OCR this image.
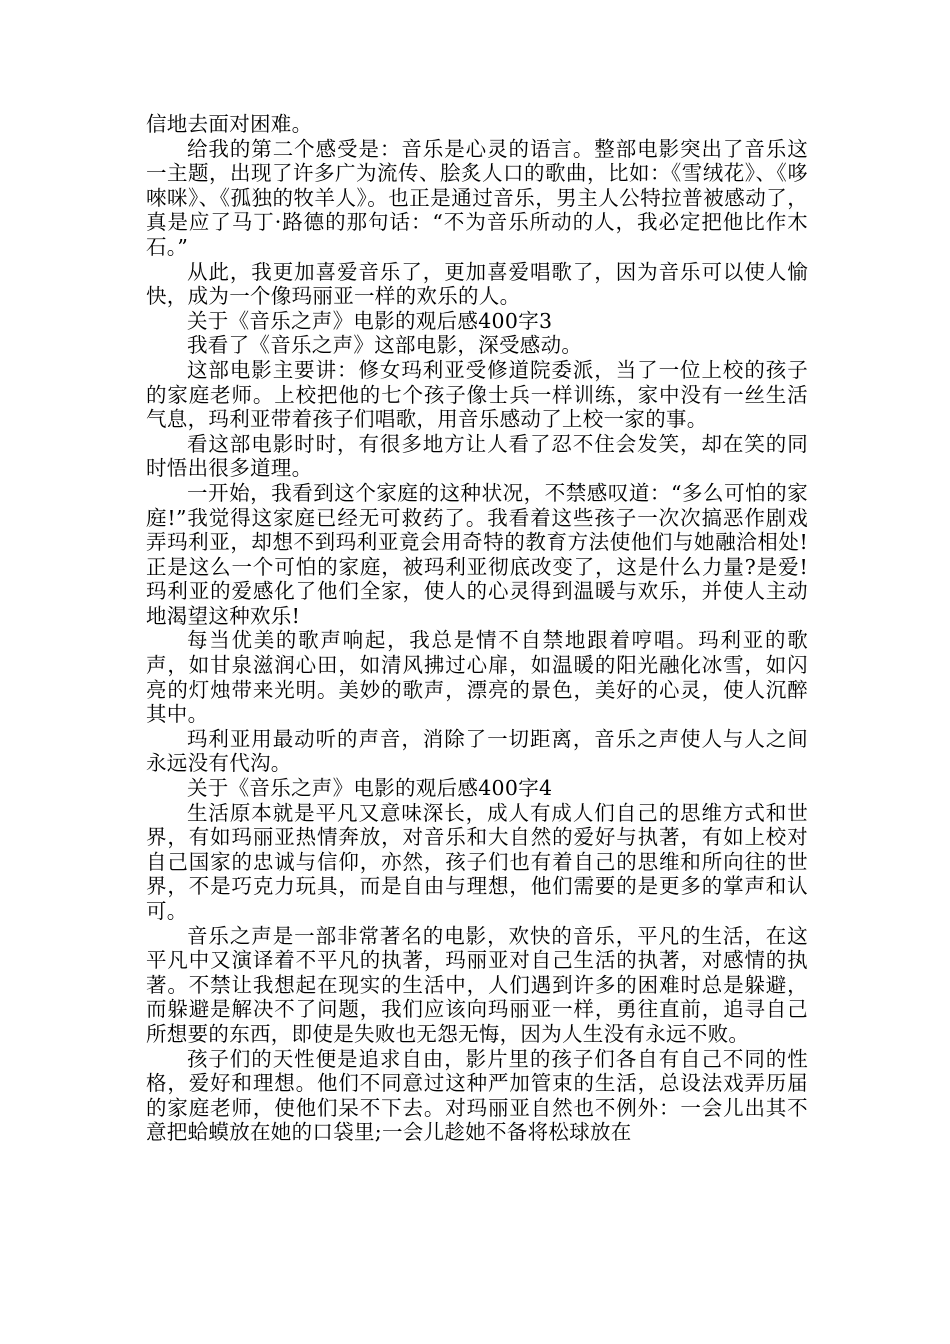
信地去面对困难。

给我的第二个感受是：音乐是心灵的语言。整部电影突出了音乐这一主题，出现了许多广为流传、脍炙人口的歌曲，比如：《雪绒花》、《哆唻咪》、《孤独的牧羊人》。也正是通过音乐，男主人公特拉普被感动了，真是应了马丁·路德的那句话：“不为音乐所动的人，我必定把他比作木石。”

从此，我更加喜爱音乐了，更加喜爱唱歌了，因为音乐可以使人愉快，成为一个像玛丽亚一样的欢乐的人。

关于《音乐之声》电影的观后感400字3

我看了《音乐之声》这部电影，深受感动。

这部电影主要讲：修女玛利亚受修道院委派，当了一位上校的孩子的家庭老师。上校把他的七个孩子像士兵一样训练，家中没有一丝生活气息，玛利亚带着孩子们唱歌，用音乐感动了上校一家的事。

看这部电影时时，有很多地方让人看了忍不住会发笑，却在笑的同时悟出很多道理。

一开始，我看到这个家庭的这种状况，不禁感叹道：“多么可怕的家庭!”我觉得这家庭已经无可救药了。我看着这些孩子一次次搞恶作剧戏弄玛利亚，却想不到玛利亚竟会用奇特的教育方法使他们与她融洽相处!正是这么一个可怕的家庭，被玛利亚彻底改变了，这是什么力量?是爱!玛利亚的爱感化了他们全家，使人的心灵得到温暖与欢乐，并使人主动地渴望这种欢乐!

每当优美的歌声响起，我总是情不自禁地跟着哼唱。玛利亚的歌声，如甘泉滋润心田，如清风拂过心扉，如温暖的阳光融化冰雪，如闪亮的灯烛带来光明。美妙的歌声，漂亮的景色，美好的心灵，使人沉醉其中。

玛利亚用最动听的声音，消除了一切距离，音乐之声使人与人之间永远没有代沟。

关于《音乐之声》电影的观后感400字4

生活原本就是平凡又意味深长，成人有成人们自己的思维方式和世界，有如玛丽亚热情奔放，对音乐和大自然的爱好与执著，有如上校对自己国家的忠诚与信仰，亦然，孩子们也有着自己的思维和所向往的世界，不是巧克力玩具，而是自由与理想，他们需要的是更多的掌声和认可。

音乐之声是一部非常著名的电影，欢快的音乐，平凡的生活，在这平凡中又演译着不平凡的执著，玛丽亚对自己生活的执著，对感情的执著。不禁让我想起在现实的生活中，人们遇到许多的困难时总是躲避，而躲避是解决不了问题，我们应该向玛丽亚一样，勇往直前，追寻自己所想要的东西，即使是失败也无怨无悔，因为人生没有永远不败。

孩子们的天性便是追求自由，影片里的孩子们各自有自己不同的性格，爱好和理想。他们不同意过这种严加管束的生活，总设法戏弄历届的家庭老师，使他们呆不下去。对玛丽亚自然也不例外：一会儿出其不意把蛤蟆放在她的口袋里;一会儿趁她不备将松球放在
